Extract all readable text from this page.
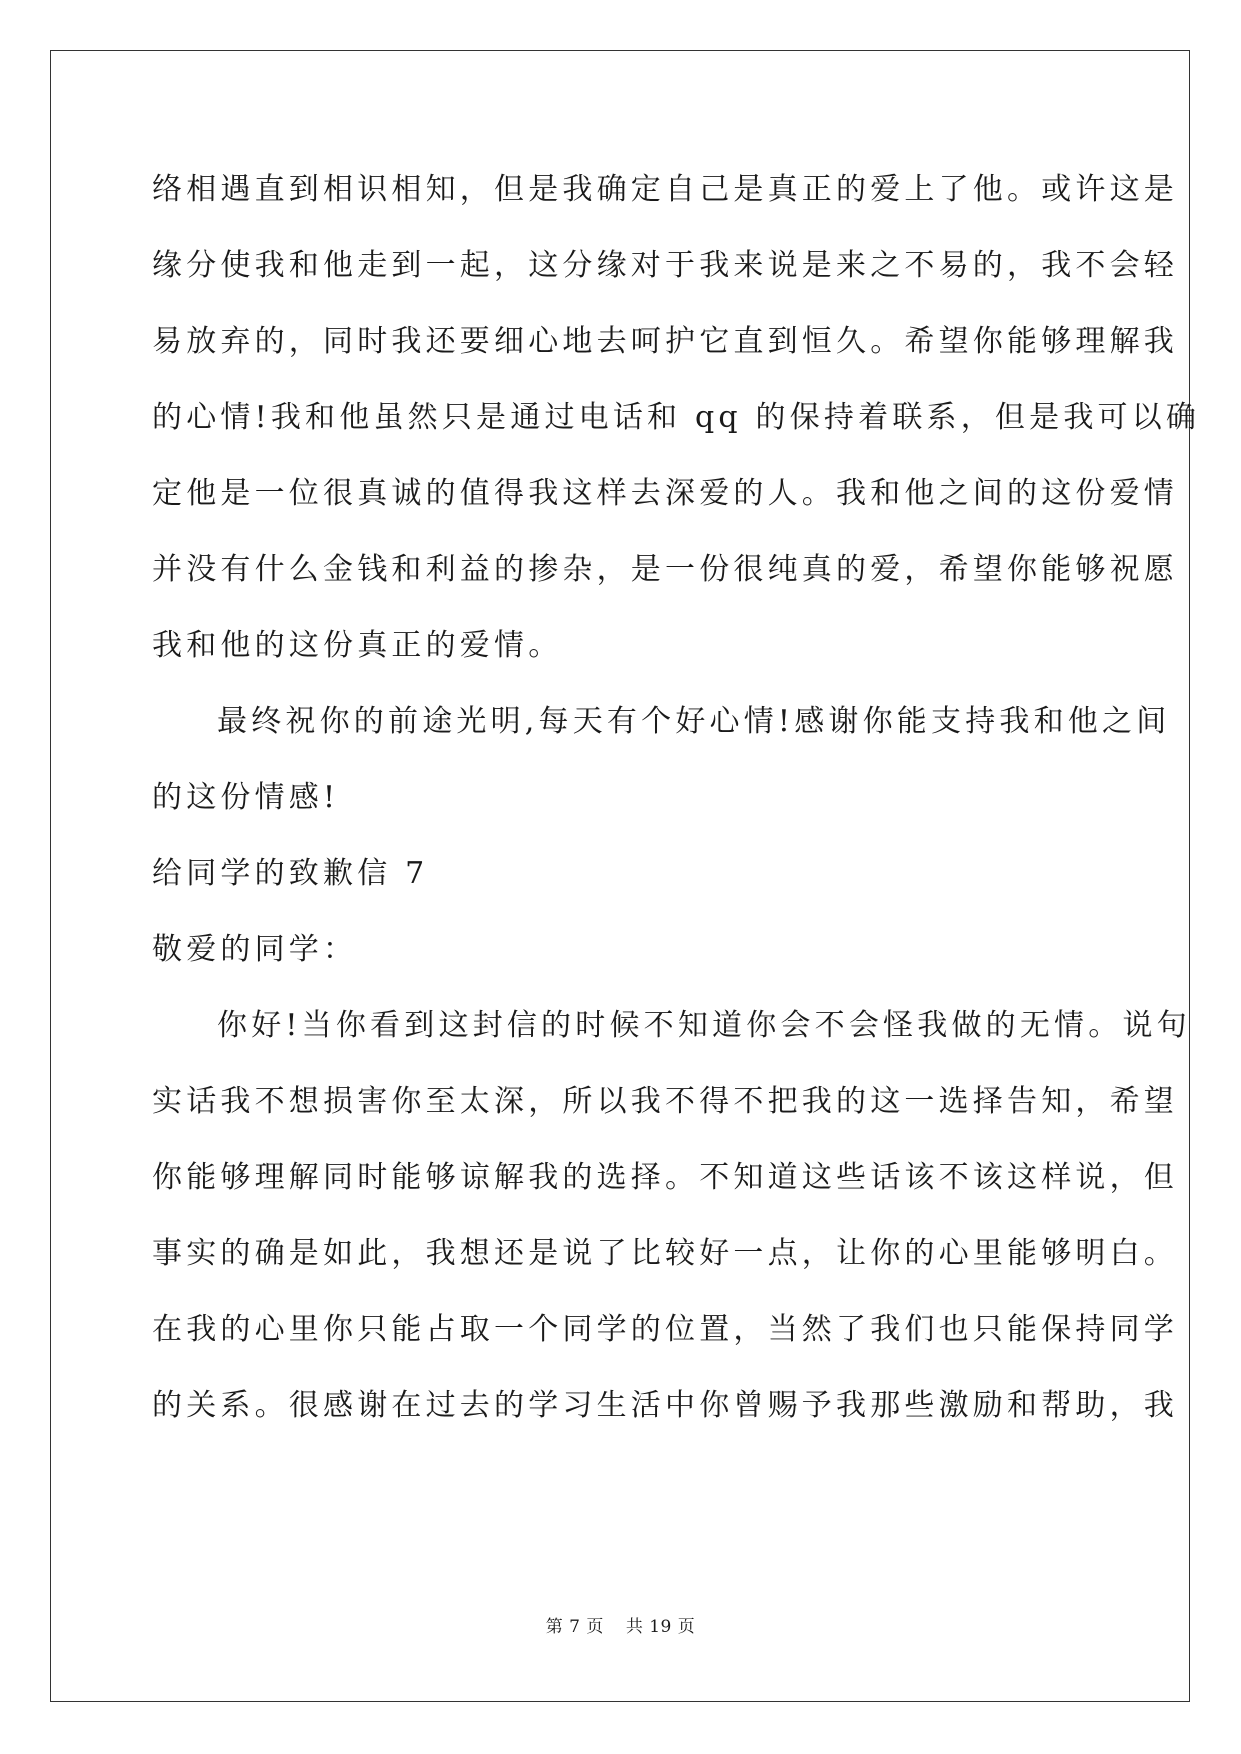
络相遇直到相识相知，但是我确定自己是真正的爱上了他。或许这是
缘分使我和他走到一起，这分缘对于我来说是来之不易的，我不会轻
易放弃的，同时我还要细心地去呵护它直到恒久。希望你能够理解我
的心情!我和他虽然只是通过电话和 qq 的保持着联系，但是我可以确
定他是一位很真诚的值得我这样去深爱的人。我和他之间的这份爱情
并没有什么金钱和利益的掺杂，是一份很纯真的爱，希望你能够祝愿
我和他的这份真正的爱情。
最终祝你的前途光明,每天有个好心情!感谢你能支持我和他之间
的这份情感!
给同学的致歉信 7
敬爱的同学：
你好!当你看到这封信的时候不知道你会不会怪我做的无情。说句
实话我不想损害你至太深，所以我不得不把我的这一选择告知，希望
你能够理解同时能够谅解我的选择。不知道这些话该不该这样说，但
事实的确是如此，我想还是说了比较好一点，让你的心里能够明白。
在我的心里你只能占取一个同学的位置，当然了我们也只能保持同学
的关系。很感谢在过去的学习生活中你曾赐予我那些激励和帮助，我
第 7 页 共 19 页
